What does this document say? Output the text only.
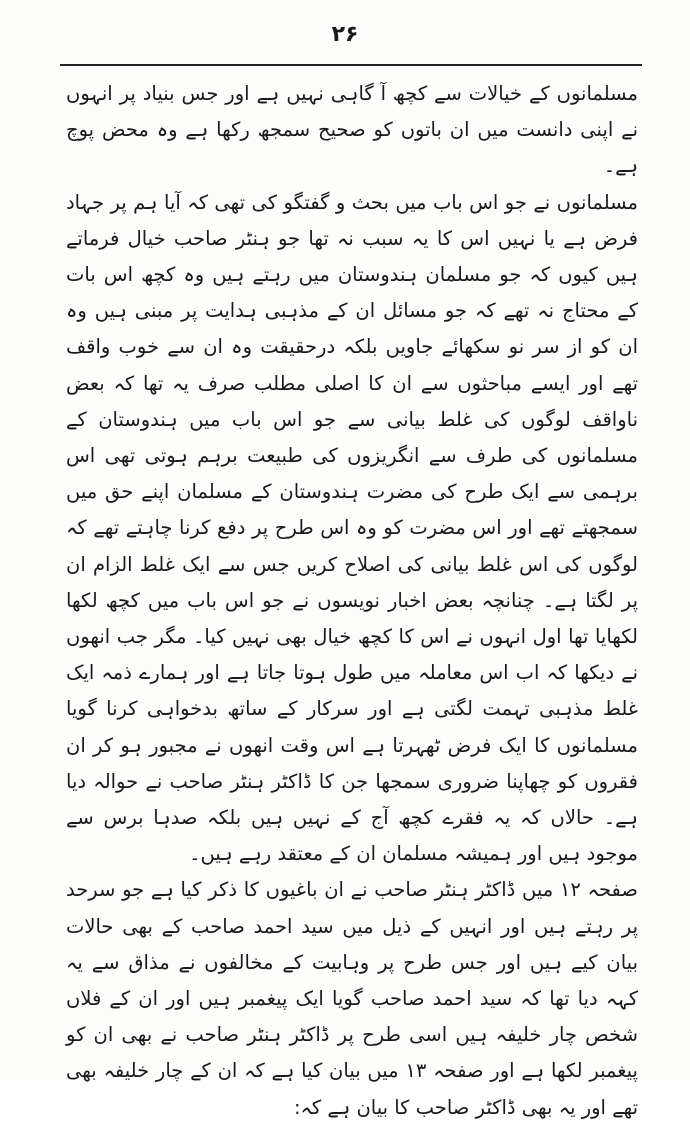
۲۶

مسلمانوں کے خیالات سے کچھ آ گاہی نہیں ہے اور جس بنیاد پر انہوں نے اپنی دانست میں ان باتوں کو صحیح سمجھ رکھا ہے وہ محض پوچ ہے۔

مسلمانوں نے جو اس باب میں بحث و گفتگو کی تھی کہ آیا ہم پر جہاد فرض ہے یا نہیں اس کا یہ سبب نہ تھا جو ہنٹر صاحب خیال فرماتے ہیں کیوں کہ جو مسلمان ہندوستان میں رہتے ہیں وہ کچھ اس بات کے محتاج نہ تھے کہ جو مسائل ان کے مذہبی ہدایت پر مبنی ہیں وہ ان کو از سر نو سکھائے جاویں بلکہ درحقیقت وہ ان سے خوب واقف تھے اور ایسے مباحثوں سے ان کا اصلی مطلب صرف یہ تھا کہ بعض ناواقف لوگوں کی غلط بیانی سے جو اس باب میں ہندوستان کے مسلمانوں کی طرف سے انگریزوں کی طبیعت برہم ہوتی تھی اس برہمی سے ایک طرح کی مضرت ہندوستان کے مسلمان اپنے حق میں سمجھتے تھے اور اس مضرت کو وہ اس طرح پر دفع کرنا چاہتے تھے کہ لوگوں کی اس غلط بیانی کی اصلاح کریں جس سے ایک غلط الزام ان پر لگتا ہے۔ چنانچہ بعض اخبار نویسوں نے جو اس باب میں کچھ لکھا لکھایا تھا اول انہوں نے اس کا کچھ خیال بھی نہیں کیا۔ مگر جب انھوں نے دیکھا کہ اب اس معاملہ میں طول ہوتا جاتا ہے اور ہمارے ذمہ ایک غلط مذہبی تہمت لگتی ہے اور سرکار کے ساتھ بدخواہی کرنا گویا مسلمانوں کا ایک فرض ٹھہرتا ہے اس وقت انھوں نے مجبور ہو کر ان فقروں کو چھاپنا ضروری سمجھا جن کا ڈاکٹر ہنٹر صاحب نے حوالہ دیا ہے۔ حالاں کہ یہ فقرے کچھ آج کے نہیں ہیں بلکہ صدہا برس سے موجود ہیں اور ہمیشہ مسلمان ان کے معتقد رہے ہیں۔

صفحہ ۱۲ میں ڈاکٹر ہنٹر صاحب نے ان باغیوں کا ذکر کیا ہے جو سرحد پر رہتے ہیں اور انہیں کے ذیل میں سید احمد صاحب کے بھی حالات بیان کیے ہیں اور جس طرح پر وہابیت کے مخالفوں نے مذاق سے یہ کہہ دیا تھا کہ سید احمد صاحب گویا ایک پیغمبر ہیں اور ان کے فلاں شخص چار خلیفہ ہیں اسی طرح پر ڈاکٹر ہنٹر صاحب نے بھی ان کو پیغمبر لکھا ہے اور صفحہ ۱۳ میں بیان کیا ہے کہ ان کے چار خلیفہ بھی تھے اور یہ بھی ڈاکٹر صاحب کا بیان ہے کہ:
